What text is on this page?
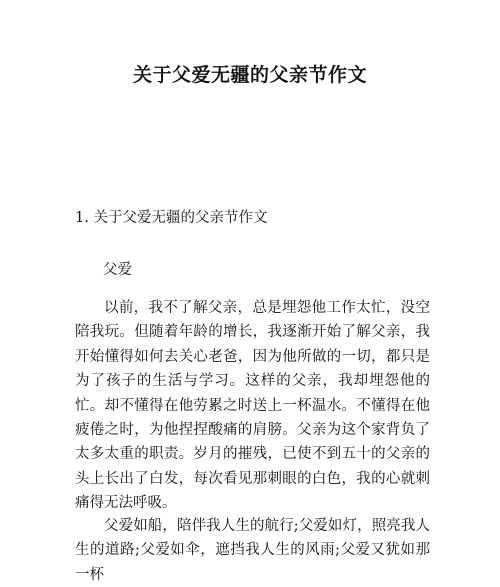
关于父爱无疆的父亲节作文
1. 关于父爱无疆的父亲节作文
父爱

以前，我不了解父亲，总是埋怨他工作太忙，没空陪我玩。但随着年龄的增长，我逐渐开始了解父亲，我开始懂得如何去关心老爸，因为他所做的一切，都只是为了孩子的生活与学习。这样的父亲，我却埋怨他的忙。却不懂得在他劳累之时送上一杯温水。不懂得在他疲倦之时，为他捏捏酸痛的肩膀。父亲为这个家背负了太多太重的职责。岁月的摧残，已使不到五十的父亲的头上长出了白发，每次看见那刺眼的白色，我的心就刺痛得无法呼吸。

父爱如船，陪伴我人生的航行;父爱如灯，照亮我人生的道路;父爱如伞，遮挡我人生的风雨;父爱又犹如那一杯
